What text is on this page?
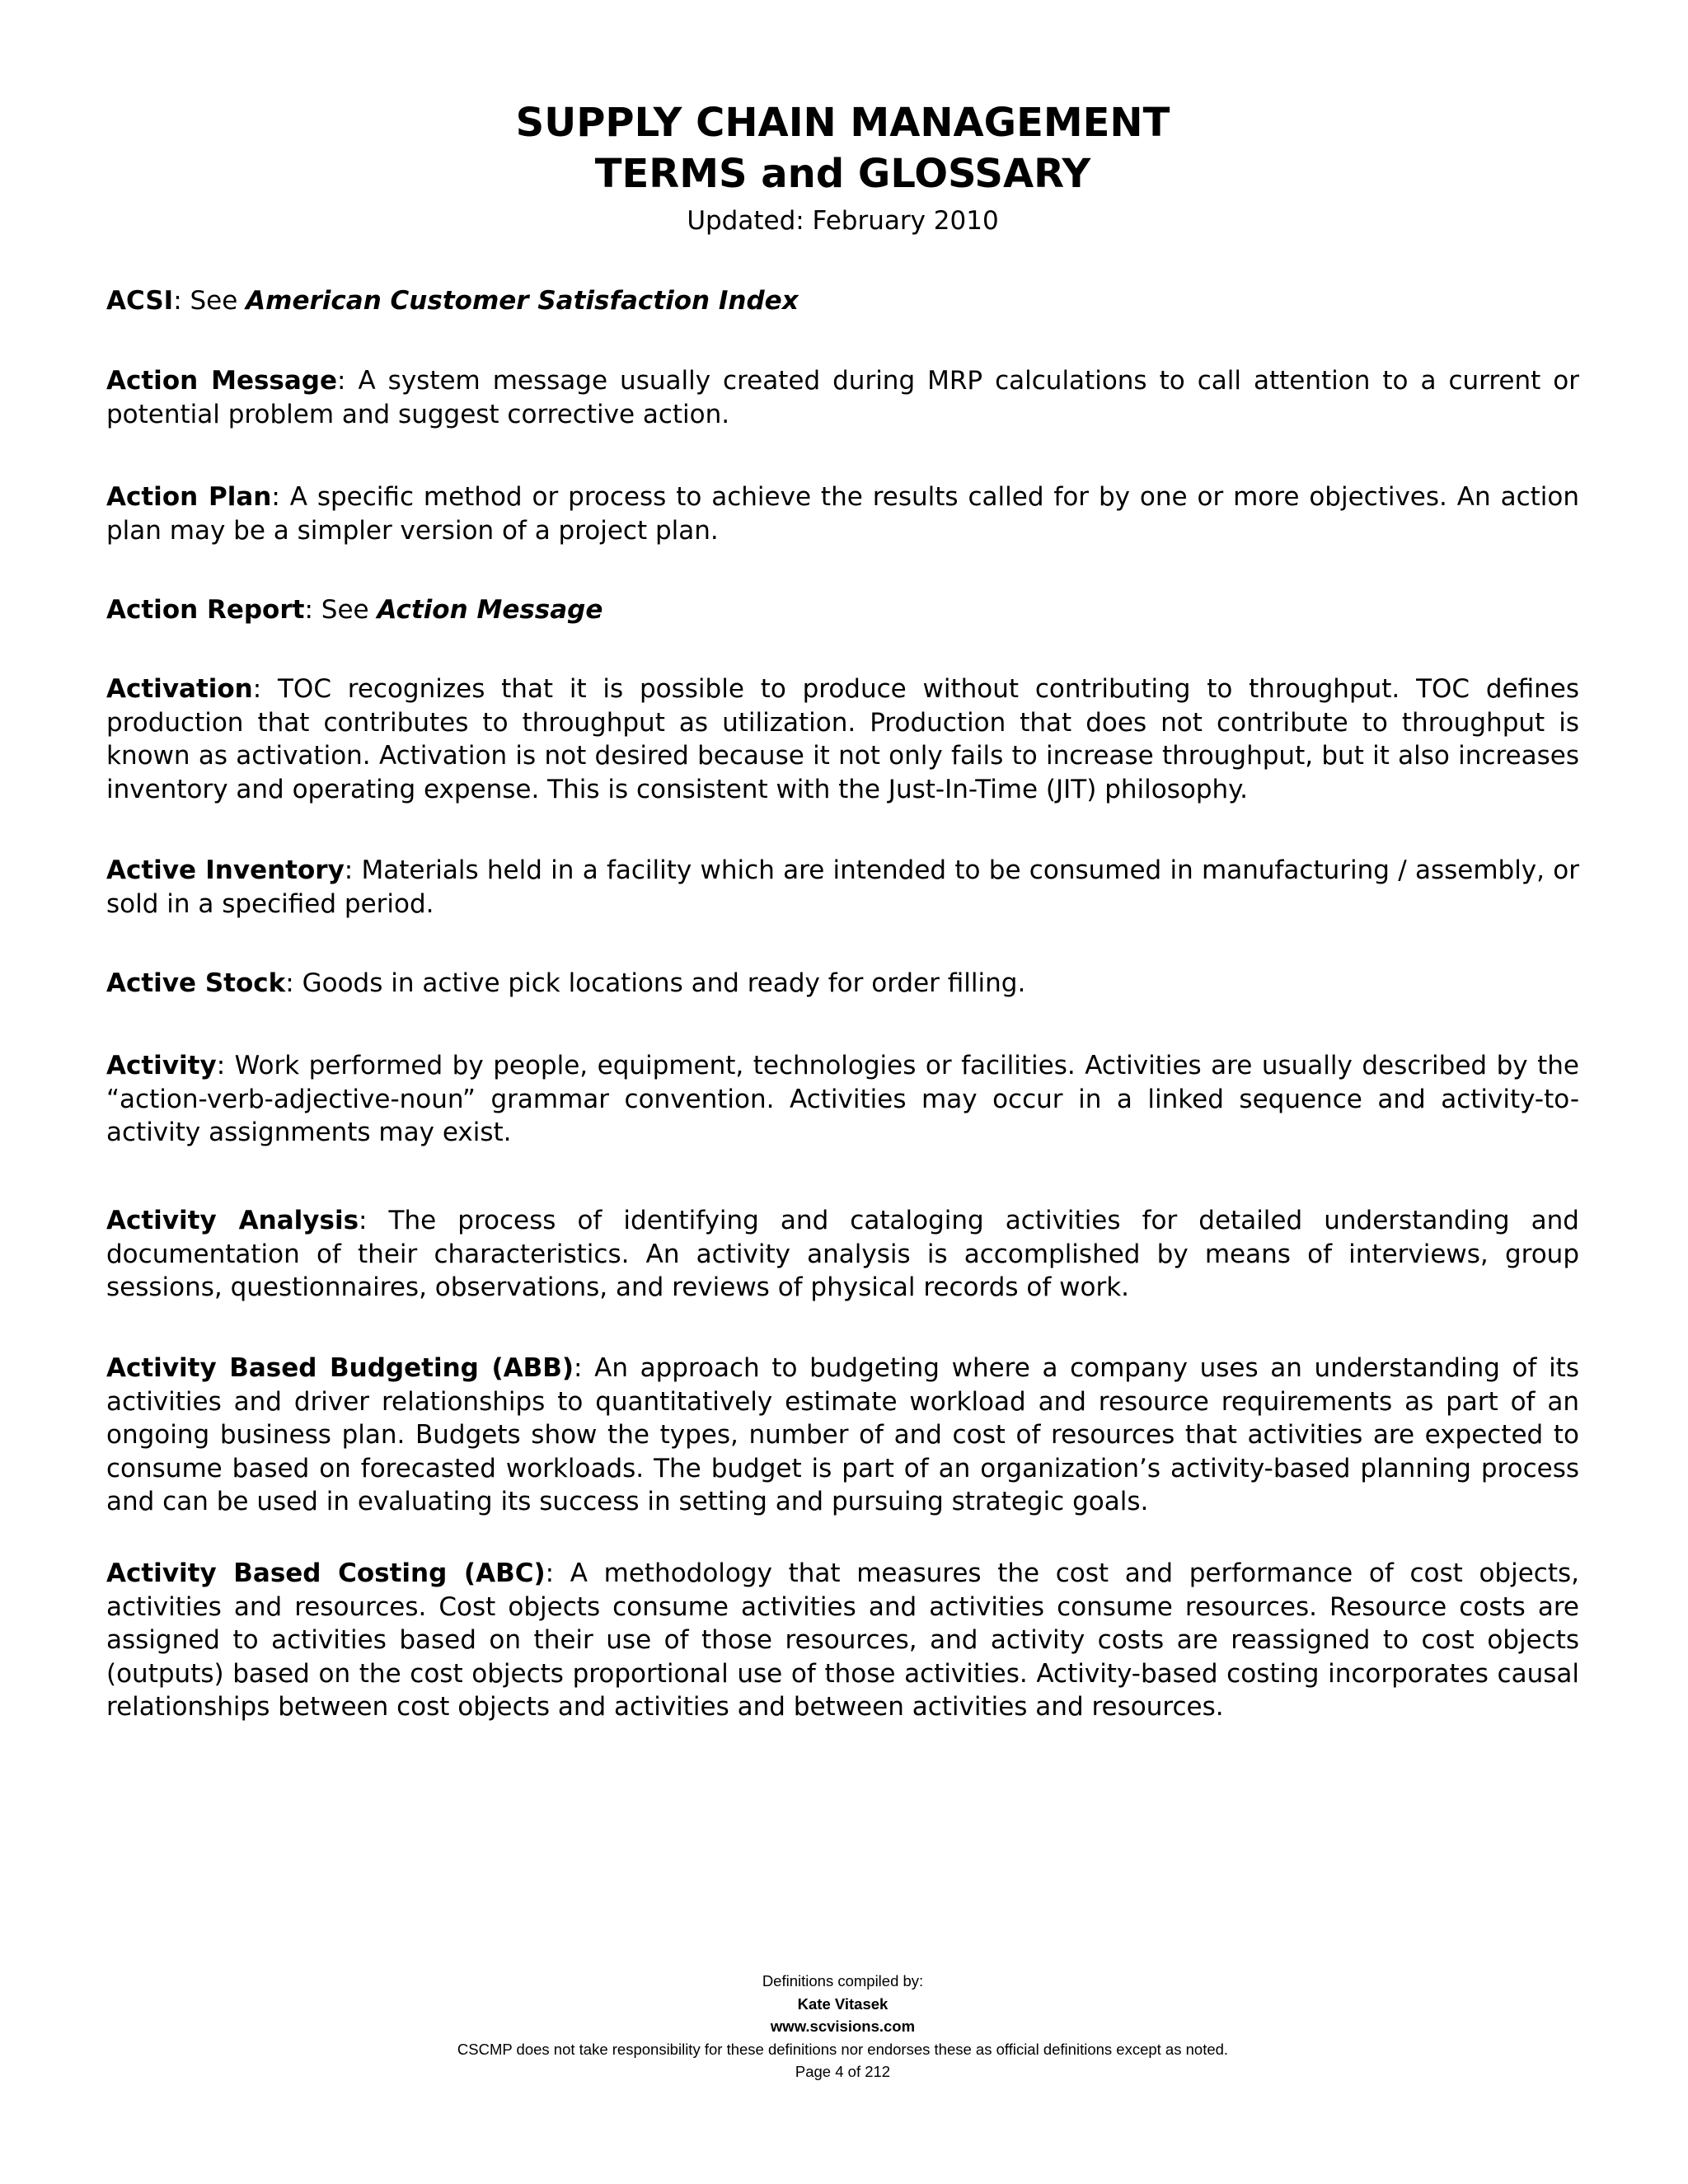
SUPPLY CHAIN MANAGEMENT
TERMS and GLOSSARY
Updated: February 2010

ACSI: See American Customer Satisfaction Index

Action Message: A system message usually created during MRP calculations to call attention to a current or potential problem and suggest corrective action.

Action Plan: A specific method or process to achieve the results called for by one or more objectives. An action plan may be a simpler version of a project plan.

Action Report: See Action Message

Activation: TOC recognizes that it is possible to produce without contributing to throughput. TOC defines production that contributes to throughput as utilization. Production that does not contribute to throughput is known as activation. Activation is not desired because it not only fails to increase throughput, but it also increases inventory and operating expense. This is consistent with the Just-In-Time (JIT) philosophy.

Active Inventory: Materials held in a facility which are intended to be consumed in manufacturing / assembly, or sold in a specified period.

Active Stock: Goods in active pick locations and ready for order filling.

Activity: Work performed by people, equipment, technologies or facilities. Activities are usually described by the “action-verb-adjective-noun” grammar convention. Activities may occur in a linked sequence and activity-to-activity assignments may exist.

Activity Analysis: The process of identifying and cataloging activities for detailed understanding and documentation of their characteristics. An activity analysis is accomplished by means of interviews, group sessions, questionnaires, observations, and reviews of physical records of work.

Activity Based Budgeting (ABB): An approach to budgeting where a company uses an understanding of its activities and driver relationships to quantitatively estimate workload and resource requirements as part of an ongoing business plan. Budgets show the types, number of and cost of resources that activities are expected to consume based on forecasted workloads. The budget is part of an organization’s activity-based planning process and can be used in evaluating its success in setting and pursuing strategic goals.

Activity Based Costing (ABC): A methodology that measures the cost and performance of cost objects, activities and resources. Cost objects consume activities and activities consume resources. Resource costs are assigned to activities based on their use of those resources, and activity costs are reassigned to cost objects (outputs) based on the cost objects proportional use of those activities. Activity-based costing incorporates causal relationships between cost objects and activities and between activities and resources.

Definitions compiled by:
Kate Vitasek
www.scvisions.com
CSCMP does not take responsibility for these definitions nor endorses these as official definitions except as noted.
Page 4 of 212
